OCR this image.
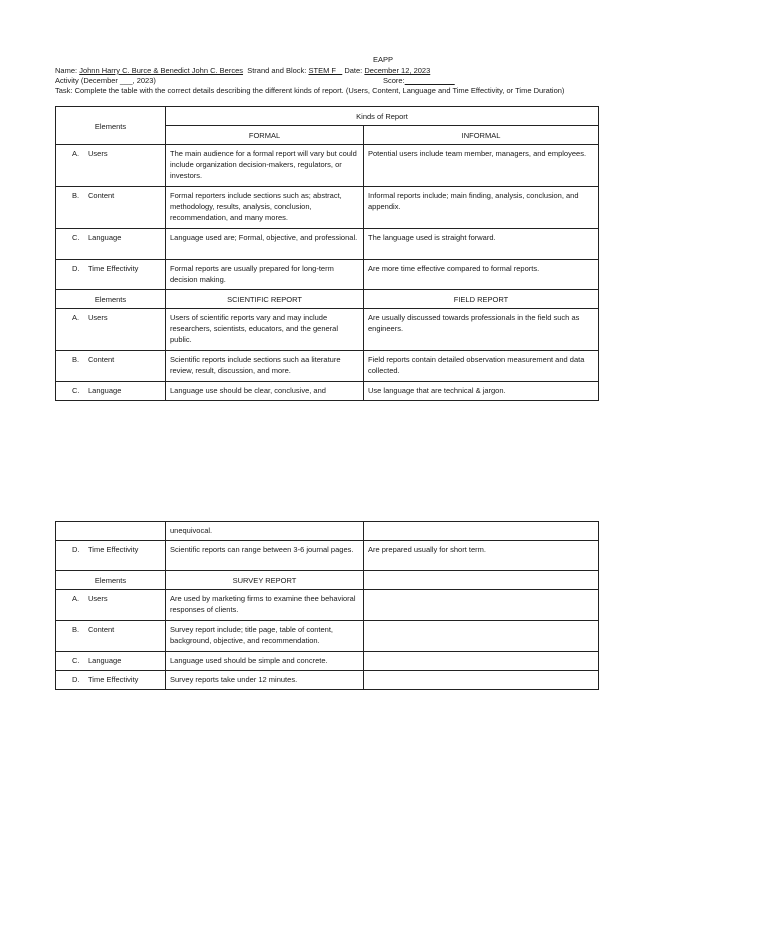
EAPP
Name: Johnn Harry C. Burce & Benedict John C. Berces Strand and Block: STEM F Date: December 12, 2023
Activity (December ___, 2023)	Score:
Task: Complete the table with the correct details describing the different kinds of report. (Users, Content, Language and Time Effectivity, or Time Duration)
Elements	Kinds of Report	
	FORMAL	INFORMAL

A. Users	The main audience for a formal report will vary but could include organization decision-makers, regulators, or investors.	Potential users include team member, managers, and employees.

B. Content	Formal reporters include sections such as; abstract, methodology, results, analysis, conclusion, recommendation, and many mores.	Informal reports include; main finding, analysis, conclusion, and appendix.

C. Language	Language used are; Formal, objective, and professional.	The language used is straight forward.

D. Time Effectivity	Formal reports are usually prepared for long-term decision making.	Are more time effective compared to formal reports.
Elements	SCIENTIFIC REPORT	FIELD REPORT

A. Users	Users of scientific reports vary and may include researchers, scientists, educators, and the general public.	Are usually discussed towards professionals in the field such as engineers.

B. Content	Scientific reports include sections such aa literature review, result, discussion, and more.	Field reports contain detailed observation measurement and data collected.

C. Language	Language use should be clear, conclusive, and	Use language that are technical & jargon.
	unequivocal.	

D. Time Effectivity	Scientific reports can range between 3-6 journal pages.	Are prepared usually for short term.
Elements	SURVEY REPORT	

A. Users	Are used by marketing firms to examine thee behavioral responses of clients.	

B. Content	Survey report include; title page, table of content, background, objective, and recommendation.	

C. Language	Language used should be simple and concrete.	

D. Time Effectivity	Survey reports take under 12 minutes.	
